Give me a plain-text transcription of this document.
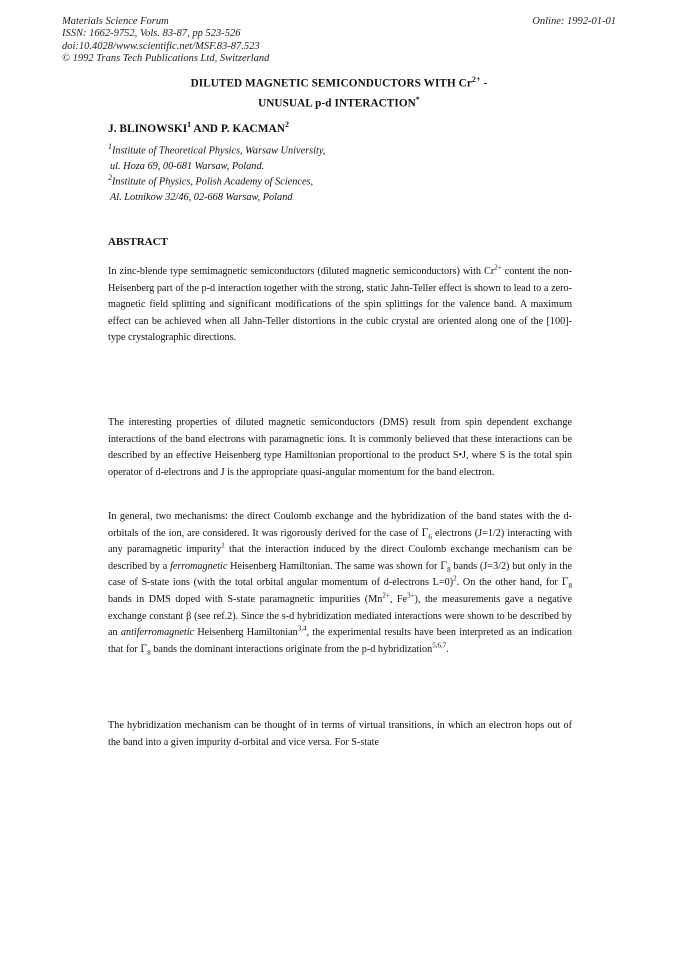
Materials Science Forum
ISSN: 1662-9752, Vols. 83-87, pp 523-526
doi:10.4028/www.scientific.net/MSF.83-87.523
© 1992 Trans Tech Publications Ltd, Switzerland
Online: 1992-01-01
DILUTED MAGNETIC SEMICONDUCTORS WITH $Cr^{2+}$ -
UNUSUAL p-d INTERACTION*
J. BLINOWSKI$^1$ AND P. KACMAN$^2$
$^1$Institute of Theoretical Physics, Warsaw University,
ul. Hoza 69, 00-681 Warsaw, Poland.
$^2$Institute of Physics, Polish Academy of Sciences,
Al. Lotnikow 32/46, 02-668 Warsaw, Poland
ABSTRACT
In zinc-blende type semimagnetic semiconductors (diluted magnetic semiconductors) with $Cr^{2+}$ content the non-Heisenberg part of the p-d interaction together with the strong, static Jahn-Teller effect is shown to lead to a zero-magnetic field splitting and significant modifications of the spin splittings for the valence band. A maximum effect can be achieved when all Jahn-Teller distortions in the cubic crystal are oriented along one of the [100]-type crystalographic directions.
The interesting properties of diluted magnetic semiconductors (DMS) result from spin dependent exchange interactions of the band electrons with paramagnetic ions. It is commonly believed that these interactions can be described by an effective Heisenberg type Hamiltonian proportional to the product S•J, where S is the total spin operator of d-electrons and J is the appropriate quasi-angular momentum for the band electron.
In general, two mechanisms: the direct Coulomb exchange and the hybridization of the band states with the d-orbitals of the ion, are considered. It was rigorously derived for the case of $\Gamma_6$ electrons (J=1/2) interacting with any paramagnetic impurity$^1$ that the interaction induced by the direct Coulomb exchange mechanism can be described by a ferromagnetic Heisenberg Hamiltonian. The same was shown for $\Gamma_8$ bands (J=3/2) but only in the case of S-state ions (with the total orbital angular momentum of d-electrons L=0)$^2$. On the other hand, for $\Gamma_8$ bands in DMS doped with S-state paramagnetic impurities ($Mn^{2+}$, $Fe^{3+}$), the measurements gave a negative exchange constant β (see ref.2). Since the s-d hybridization mediated interactions were shown to be described by an antiferromagnetic Heisenberg Hamiltonian$^{3,4}$, the experimental results have been interpreted as an indication that for $\Gamma_8$ bands the dominant interactions originate from the p-d hybridization$^{5,6,7}$.
The hybridization mechanism can be thought of in terms of virtual transitions, in which an electron hops out of the band into a given impurity d-orbital and vice versa. For S-state
